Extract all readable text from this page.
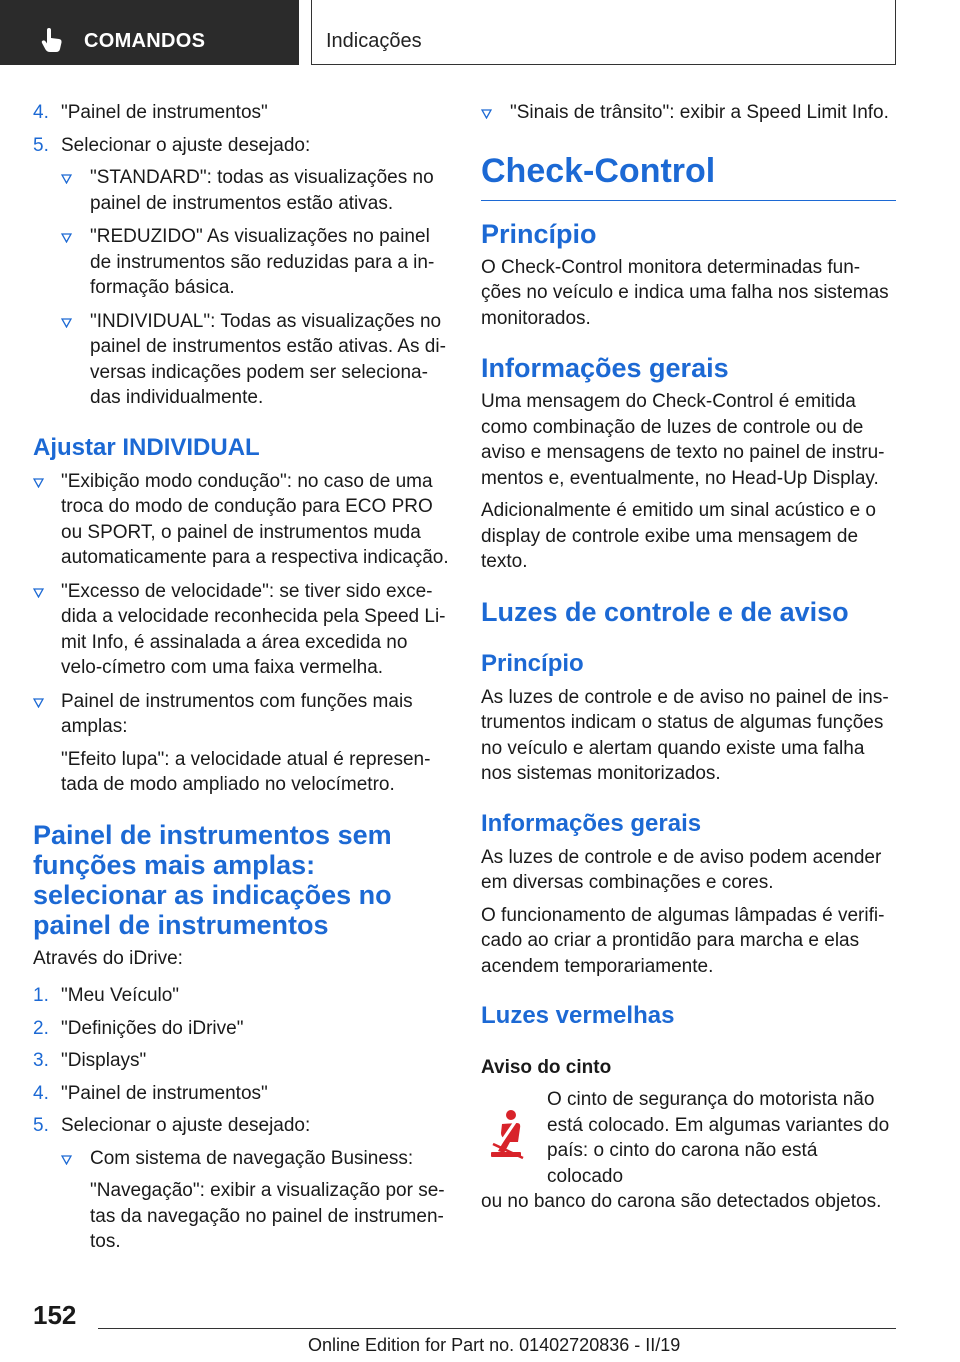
COMANDOS	Indicações
4. "Painel de instrumentos"
5. Selecionar o ajuste desejado:
"STANDARD": todas as visualizações no painel de instrumentos estão ativas.
"REDUZIDO" As visualizações no painel de instrumentos são reduzidas para a in-formação básica.
"INDIVIDUAL": Todas as visualizações no painel de instrumentos estão ativas. As di-versas indicações podem ser seleciona-das individualmente.
Ajustar INDIVIDUAL
"Exibição modo condução": no caso de uma troca do modo de condução para ECO PRO ou SPORT, o painel de instrumentos muda automaticamente para a respectiva indicação.
"Excesso de velocidade": se tiver sido exce-dida a velocidade reconhecida pela Speed Li-mit Info, é assinalada a área excedida no velo-címetro com uma faixa vermelha.
Painel de instrumentos com funções mais amplas:
"Efeito lupa": a velocidade atual é represen-tada de modo ampliado no velocímetro.
Painel de instrumentos sem funções mais amplas: selecionar as indicações no painel de instrumentos
Através do iDrive:
1. "Meu Veículo"
2. "Definições do iDrive"
3. "Displays"
4. "Painel de instrumentos"
5. Selecionar o ajuste desejado:
Com sistema de navegação Business:
"Navegação": exibir a visualização por se-tas da navegação no painel de instrumen-tos.
"Sinais de trânsito": exibir a Speed Limit Info.
Check-Control
Princípio
O Check-Control monitora determinadas fun-ções no veículo e indica uma falha nos sistemas monitorados.
Informações gerais
Uma mensagem do Check-Control é emitida como combinação de luzes de controle ou de aviso e mensagens de texto no painel de instru-mentos e, eventualmente, no Head-Up Display.
Adicionalmente é emitido um sinal acústico e o display de controle exibe uma mensagem de texto.
Luzes de controle e de aviso
Princípio
As luzes de controle e de aviso no painel de ins-trumentos indicam o status de algumas funções no veículo e alertam quando existe uma falha nos sistemas monitorizados.
Informações gerais
As luzes de controle e de aviso podem acender em diversas combinações e cores.
O funcionamento de algumas lâmpadas é verifi-cado ao criar a prontidão para marcha e elas acendem temporariamente.
Luzes vermelhas
Aviso do cinto
O cinto de segurança do motorista não
está colocado. Em algumas variantes do
país: o cinto do carona não está colocado
ou no banco do carona são detectados objetos.
152
Online Edition for Part no. 01402720836 - II/19
